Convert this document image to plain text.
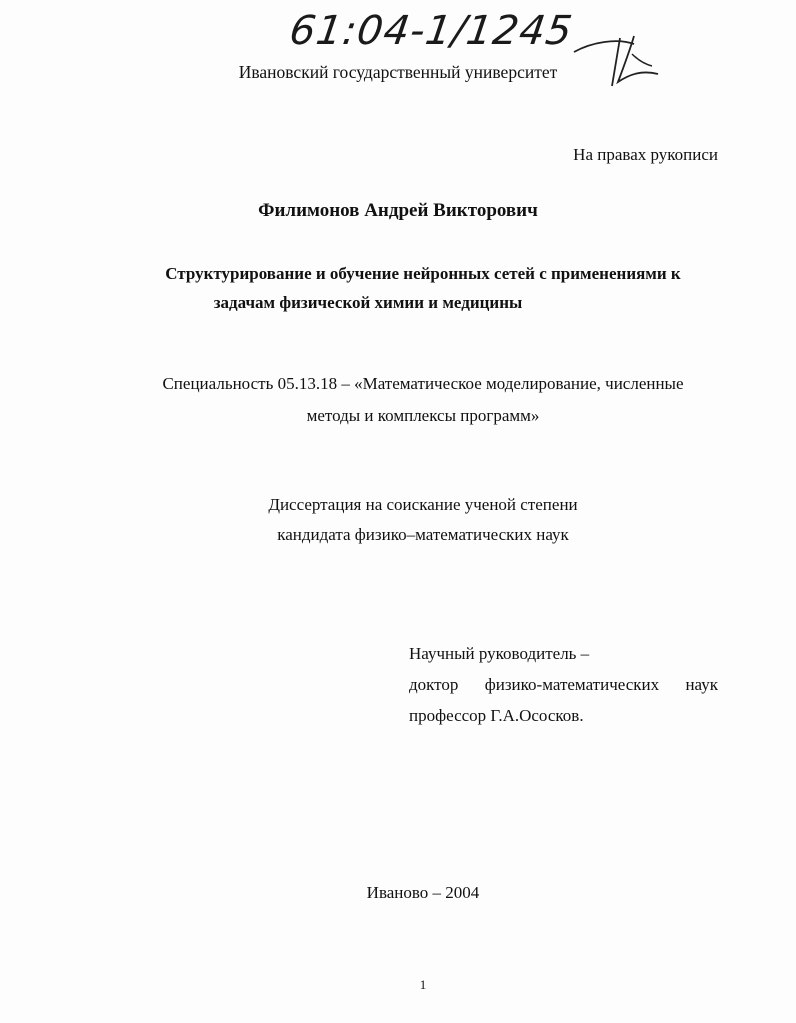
61:04-1/1245
Ивановский государственный университет
На правах рукописи
Филимонов Андрей Викторович
Структурирование и обучение нейронных сетей с применениями к
задачам физической химии и медицины
Специальность 05.13.18 – «Математическое моделирование, численные
методы и комплексы программ»
Диссертация на соискание ученой степени
кандидата физико–математических наук
Научный руководитель –
доктор физико-математических наук
профессор Г.А.Ососков.
Иваново – 2004
1
